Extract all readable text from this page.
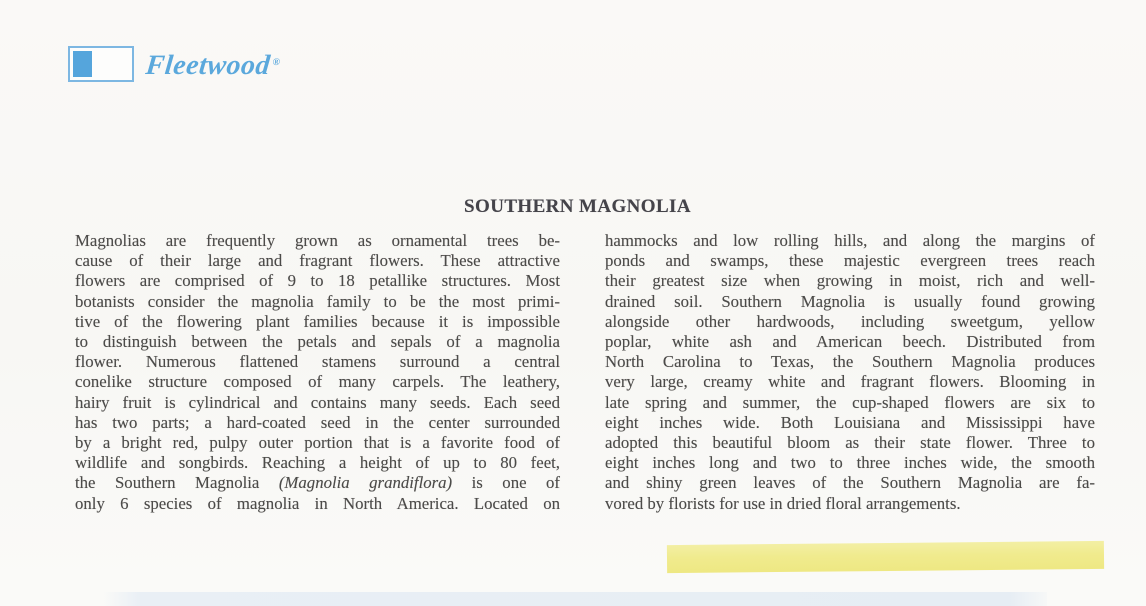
Fleetwood®
SOUTHERN MAGNOLIA
Magnolias are frequently grown as ornamental trees be-
cause of their large and fragrant flowers. These attractive
flowers are comprised of 9 to 18 petallike structures. Most
botanists consider the magnolia family to be the most primi-
tive of the flowering plant families because it is impossible
to distinguish between the petals and sepals of a magnolia
flower. Numerous flattened stamens surround a central
conelike structure composed of many carpels. The leathery,
hairy fruit is cylindrical and contains many seeds. Each seed
has two parts; a hard-coated seed in the center surrounded
by a bright red, pulpy outer portion that is a favorite food of
wildlife and songbirds. Reaching a height of up to 80 feet,
the Southern Magnolia (Magnolia grandiflora) is one of
only 6 species of magnolia in North America. Located on
hammocks and low rolling hills, and along the margins of
ponds and swamps, these majestic evergreen trees reach
their greatest size when growing in moist, rich and well-
drained soil. Southern Magnolia is usually found growing
alongside other hardwoods, including sweetgum, yellow
poplar, white ash and American beech. Distributed from
North Carolina to Texas, the Southern Magnolia produces
very large, creamy white and fragrant flowers. Blooming in
late spring and summer, the cup-shaped flowers are six to
eight inches wide. Both Louisiana and Mississippi have
adopted this beautiful bloom as their state flower. Three to
eight inches long and two to three inches wide, the smooth
and shiny green leaves of the Southern Magnolia are fa-
vored by florists for use in dried floral arrangements.
